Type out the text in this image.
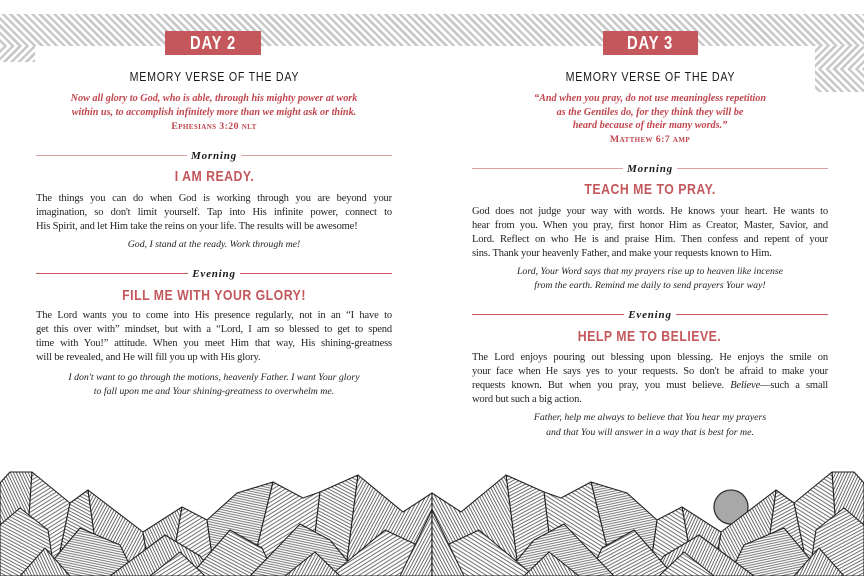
DAY 2
MEMORY VERSE OF THE DAY
Now all glory to God, who is able, through his mighty power at work
within us, to accomplish infinitely more than we might ask or think.
Ephesians 3:20 nlt
Morning
I AM READY.
The things you can do when God is working through you are beyond your
imagination, so don't limit yourself. Tap into His infinite power, connect to
His Spirit, and let Him take the reins on your life. The results will be awesome!
God, I stand at the ready. Work through me!
Evening
FILL ME WITH YOUR GLORY!
The Lord wants you to come into His presence regularly, not in an “I have to
get this over with” mindset, but with a “Lord, I am so blessed to get to spend
time with You!” attitude. When you meet Him that way, His shining-greatness
will be revealed, and He will fill you up with His glory.
I don't want to go through the motions, heavenly Father. I want Your glory
to fall upon me and Your shining-greatness to overwhelm me.
DAY 3
MEMORY VERSE OF THE DAY
“And when you pray, do not use meaningless repetition
as the Gentiles do, for they think they will be
heard because of their many words.”
Matthew 6:7 amp
Morning
TEACH ME TO PRAY.
God does not judge your way with words. He knows your heart. He wants to
hear from you. When you pray, first honor Him as Creator, Master, Savior, and
Lord. Reflect on who He is and praise Him. Then confess and repent of your
sins. Thank your heavenly Father, and make your requests known to Him.
Lord, Your Word says that my prayers rise up to heaven like incense
from the earth. Remind me daily to send prayers Your way!
Evening
HELP ME TO BELIEVE.
The Lord enjoys pouring out blessing upon blessing. He enjoys the smile on
your face when He says yes to your requests. So don't be afraid to make your
requests known. But when you pray, you must believe. Believe—such a small
word but such a big action.
Father, help me always to believe that You hear my prayers
and that You will answer in a way that is best for me.
